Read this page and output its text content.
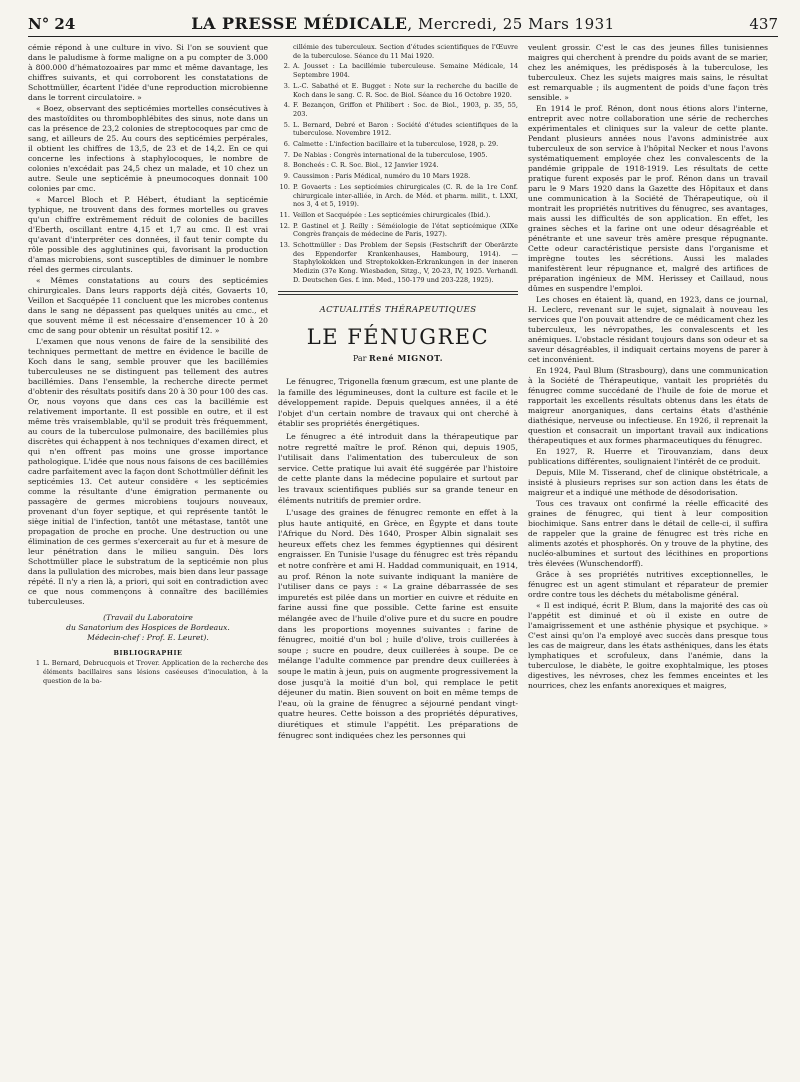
N° 24	LA PRESSE MÉDICALE, Mercredi, 25 Mars 1931	437

cémie répond à une culture in vivo. Si l'on se souvient que dans le paludisme à forme maligne on a pu compter de 3.000 à 800.000 d'hématozoaires par mmc et même davantage, les chiffres suivants, et qui corroborent les constatations de Schottmüller, écartent l'idée d'une reproduction microbienne dans le torrent circulatoire. »

« Boez, observant des septicémies mortelles consécutives à des mastoïdites ou thrombophlébites des sinus, note dans un cas la présence de 23,2 colonies de streptocoques par cmc de sang, et ailleurs de 25. Au cours des septicémies perpérales, il obtient les chiffres de 13,5, de 23 et de 14,2. En ce qui concerne les infections à staphylocoques, le nombre de colonies n'excédait pas 24,5 chez un malade, et 10 chez un autre. Seule une septicémie à pneumocoques donnait 100 colonies par cmc.

« Marcel Bloch et P. Hébert, étudiant la septicémie typhique, ne trouvent dans des formes mortelles ou graves qu'un chiffre extrêmement réduit de colonies de bacilles d'Eberth, oscillant entre 4,15 et 1,7 au cmc. Il est vrai qu'avant d'interpréter ces données, il faut tenir compte du rôle possible des agglutinines qui, favorisant la production d'amas microbiens, sont susceptibles de diminuer le nombre réel des germes circulants.

« Mêmes constatations au cours des septicémies chirurgicales. Dans leurs rapports déjà cités, Govaerts 10, Veillon et Sacquépée 11 concluent que les microbes contenus dans le sang ne dépassent pas quelques unités au cmc., et que souvent même il est nécessaire d'ensemencer 10 à 20 cmc de sang pour obtenir un résultat positif 12. »

L'examen que nous venons de faire de la sensibilité des techniques permettant de mettre en évidence le bacille de Koch dans le sang, semble prouver que les bacillémies tuberculeuses ne se distinguent pas tellement des autres bacillémies. Dans l'ensemble, la recherche directe permet d'obtenir des résultats positifs dans 20 à 30 pour 100 des cas. Or, nous voyons que dans ces cas la bacillémie est relativement importante. Il est possible en outre, et il est même très vraisemblable, qu'il se produit très fréquemment, au cours de la tuberculose pulmonaire, des bacillémies plus discrètes qui échappent à nos techniques d'examen direct, et qui n'en offrent pas moins une grosse importance pathologique. L'idée que nous nous faisons de ces bacillémies cadre parfaitement avec la façon dont Schottmüller définit les septicémies 13. Cet auteur considère « les septicémies comme la résultante d'une émigration permanente ou passagère de germes microbiens toujours nouveaux, provenant d'un foyer septique, et qui représente tantôt le siège initial de l'infection, tantôt une métastase, tantôt une propagation de proche en proche. Une destruction ou une élimination de ces germes s'exercerait au fur et à mesure de leur pénétration dans le milieu sanguin. Dès lors Schottmüller place le substratum de la septicémie non plus dans la pullulation des microbes, mais bien dans leur passage répété. Il n'y a rien là, a priori, qui soit en contradiction avec ce que nous commençons à connaître des bacillémies tuberculeuses.

(Travail du Laboratoire

du Sanatorium des Hospices de Bordeaux.

Médecin-chef : Prof. E. Leuret).

BIBLIOGRAPHIE
1 L. Bernard, Debrucquois et Trover. Application de la recherche des éléments bacillaires sans lésions caséeuses d'inoculation, à la question de la ba-
cillémie des tuberculeux. Section d'études scientifiques de l'Œuvre de la tuberculose. Séance du 11 Mai 1920.
2. A. Jousset : La bacillémie tuberculeuse. Semaine Médicale, 14 Septembre 1904.
3. L.-C. Sabathé et E. Bugget : Note sur la recherche du bacille de Koch dans le sang. C. R. Soc. de Biol. Séance du 16 Octobre 1920.
4. F. Bezançon, Griffon et Philibert : Soc. de Biol., 1903, p. 35, 55, 203.
5. L. Bernard, Debré et Baron : Société d'études scientifiques de la tuberculose. Novembre 1912.
6. Calmette : L'infection bacillaire et la tuberculose, 1928, p. 29.
7. De Nabias : Congrès international de la tuberculose, 1905.
8. Boncheés : C. R. Soc. Biol., 12 Janvier 1924.
9. Caussimon : Paris Médical, numéro du 10 Mars 1928.
10. P. Govaerts : Les septicémies chirurgicales (C. R. de la 1re Conf. chirurgicale inter-alliée, in Arch. de Méd. et pharm. milit., t. LXXI, nos 3, 4 et 5, 1919).
11. Veillon et Sacquépée : Les septicémies chirurgicales (Ibid.).
12. P. Gastinel et J. Reilly : Séméiologie de l'état septicémique (XIXe Congrès français de médecine de Paris, 1927).
13. Schottmüller : Das Problem der Sepsis (Festschrift der Oberärzte des Eppendorfer Krankenhauses, Hambourg, 1914). — Staphylokokken und Streptokokken-Erkrankungen in der inneren Medizin (37e Kong. Wiesbaden, Sitzg., V, 20-23, IV, 1925. Verhandl. D. Deutschen Ges. f. inn. Med., 150-179 und 203-228, 1925).
ACTUALITÉS THÉRAPEUTIQUES
LE FÉNUGREC
Par René MIGNOT.

Le fénugrec, Trigonella fœnum græcum, est une plante de la famille des légumineuses, dont la culture est facile et le développement rapide. Depuis quelques années, il a été l'objet d'un certain nombre de travaux qui ont cherché à établir ses propriétés énergétiques.

Le fénugrec a été introduit dans la thérapeutique par notre regretté maître le prof. Rénon qui, depuis 1905, l'utilisait dans l'alimentation des tuberculeux de son service. Cette pratique lui avait été suggérée par l'histoire de cette plante dans la médecine populaire et surtout par les travaux scientifiques publiés sur sa grande teneur en éléments nutritifs de premier ordre.

L'usage des graines de fénugrec remonte en effet à la plus haute antiquité, en Grèce, en Égypte et dans toute l'Afrique du Nord. Dès 1640, Prosper Albin signalait ses heureux effets chez les femmes égyptiennes qui désirent engraisser. En Tunisie l'usage du fénugrec est très répandu et notre confrère et ami H. Haddad communiquait, en 1914, au prof. Rénon la note suivante indiquant la manière de l'utiliser dans ce pays : « La graine débarrassée de ses impuretés est pilée dans un mortier en cuivre et réduite en farine aussi fine que possible. Cette farine est ensuite mélangée avec de l'huile d'olive pure et du sucre en poudre dans les proportions moyennes suivantes : farine de fénugrec, moitié d'un bol ; huile d'olive, trois cuillerées à soupe ; sucre en poudre, deux cuillerées à soupe. De ce mélange l'adulte commence par prendre deux cuillerées à soupe le matin à jeun, puis on augmente progressivement la dose jusqu'à la moitié d'un bol, qui remplace le petit déjeuner du matin. Bien souvent on boit en même temps de l'eau, où la graine de fénugrec a séjourné pendant vingt-quatre heures. Cette boisson a des propriétés dépuratives, diurétiques et stimule l'appétit. Les préparations de fénugrec sont indiquées chez les personnes qui

veulent grossir. C'est le cas des jeunes filles tunisiennes maigres qui cherchent à prendre du poids avant de se marier, chez les anémiques, les prédisposés à la tuberculose, les tuberculeux. Chez les sujets maigres mais sains, le résultat est remarquable ; ils augmentent de poids d'une façon très sensible. »

En 1914 le prof. Rénon, dont nous étions alors l'interne, entreprit avec notre collaboration une série de recherches expérimentales et cliniques sur la valeur de cette plante. Pendant plusieurs années nous l'avons administrée aux tuberculeux de son service à l'hôpital Necker et nous l'avons systématiquement employée chez les convalescents de la pandémie grippale de 1918-1919. Les résultats de cette pratique furent exposés par le prof. Rénon dans un travail paru le 9 Mars 1920 dans la Gazette des Hôpitaux et dans une communication à la Société de Thérapeutique, où il montrait les propriétés nutritives du fénugrec, ses avantages, mais aussi les difficultés de son application. En effet, les graines sèches et la farine ont une odeur désagréable et pénétrante et une saveur très amère presque répugnante. Cette odeur caractéristique persiste dans l'organisme et imprègne toutes les sécrétions. Aussi les malades manifestèrent leur répugnance et, malgré des artifices de préparation ingénieux de MM. Herissey et Caillaud, nous dûmes en suspendre l'emploi.

Les choses en étaient là, quand, en 1923, dans ce journal, H. Leclerc, revenant sur le sujet, signalait à nouveau les services que l'on pouvait attendre de ce médicament chez les tuberculeux, les névropathes, les convalescents et les anémiques. L'obstacle résidant toujours dans son odeur et sa saveur désagréables, il indiquait certains moyens de parer à cet inconvénient.

En 1924, Paul Blum (Strasbourg), dans une communication à la Société de Thérapeutique, vantait les propriétés du fénugrec comme succédané de l'huile de foie de morue et rapportait les excellents résultats obtenus dans les états de maigreur anorganiques, dans certains états d'asthénie diathésique, nerveuse ou infectieuse. En 1926, il reprenait la question et consacrait un important travail aux indications thérapeutiques et aux formes pharmaceutiques du fénugrec.

En 1927, R. Huerre et Tirouvanziam, dans deux publications différentes, soulignaient l'intérêt de ce produit.

Depuis, Mlle M. Tisserand, chef de clinique obstétricale, a insisté à plusieurs reprises sur son action dans les états de maigreur et a indiqué une méthode de désodorisation.

Tous ces travaux ont confirmé la réelle efficacité des graines de fénugrec, qui tient à leur composition biochimique. Sans entrer dans le détail de celle-ci, il suffira de rappeler que la graine de fénugrec est très riche en aliments azotés et phosphorés. On y trouve de la phytine, des nucléo-albumines et surtout des lécithines en proportions très élevées (Wunschendorff).

Grâce à ses propriétés nutritives exceptionnelles, le fénugrec est un agent stimulant et réparateur de premier ordre contre tous les déchets du métabolisme général.

« Il est indiqué, écrit P. Blum, dans la majorité des cas où l'appétit est diminué et où il existe en outre de l'amaigrissement et une asthénie physique et psychique. » C'est ainsi qu'on l'a employé avec succès dans presque tous les cas de maigreur, dans les états asthéniques, dans les états lymphatiques et scrofuleux, dans l'anémie, dans la tuberculose, le diabète, le goitre exophtalmique, les ptoses digestives, les névroses, chez les femmes enceintes et les nourrices, chez les enfants anorexiques et maigres,
